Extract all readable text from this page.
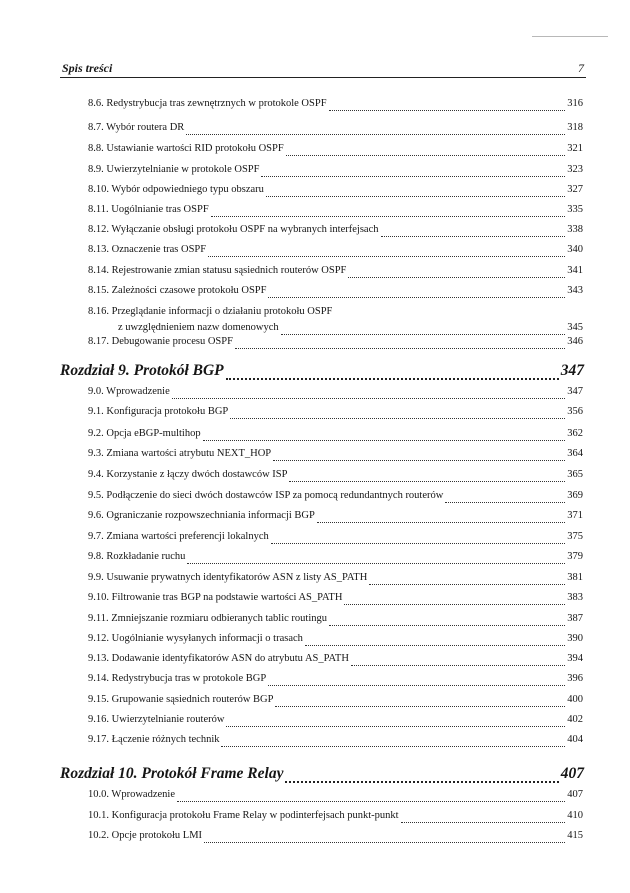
Spis treści	7
8.6. Redystrybucja tras zewnętrznych w protokole OSPF	316
8.7. Wybór routera DR	318
8.8. Ustawianie wartości RID protokołu OSPF	321
8.9. Uwierzytelnianie w protokole OSPF	323
8.10. Wybór odpowiedniego typu obszaru	327
8.11. Uogólnianie tras OSPF	335
8.12. Wyłączanie obsługi protokołu OSPF na wybranych interfejsach	338
8.13. Oznaczenie tras OSPF	340
8.14. Rejestrowanie zmian statusu sąsiednich routerów OSPF	341
8.15. Zależności czasowe protokołu OSPF	343
8.16. Przeglądanie informacji o działaniu protokołu OSPF
z uwzględnieniem nazw domenowych	345
8.17. Debugowanie procesu OSPF	346
Rozdział 9. Protokół BGP	347
9.0. Wprowadzenie	347
9.1. Konfiguracja protokołu BGP	356
9.2. Opcja eBGP-multihop	362
9.3. Zmiana wartości atrybutu NEXT_HOP	364
9.4. Korzystanie z łączy dwóch dostawców ISP	365
9.5. Podłączenie do sieci dwóch dostawców ISP za pomocą redundantnych routerów	369
9.6. Ograniczanie rozpowszechniania informacji BGP	371
9.7. Zmiana wartości preferencji lokalnych	375
9.8. Rozkładanie ruchu	379
9.9. Usuwanie prywatnych identyfikatorów ASN z listy AS_PATH	381
9.10. Filtrowanie tras BGP na podstawie wartości AS_PATH	383
9.11. Zmniejszanie rozmiaru odbieranych tablic routingu	387
9.12. Uogólnianie wysyłanych informacji o trasach	390
9.13. Dodawanie identyfikatorów ASN do atrybutu AS_PATH	394
9.14. Redystrybucja tras w protokole BGP	396
9.15. Grupowanie sąsiednich routerów BGP	400
9.16. Uwierzytelnianie routerów	402
9.17. Łączenie różnych technik	404
Rozdział 10. Protokół Frame Relay	407
10.0. Wprowadzenie	407
10.1. Konfiguracja protokołu Frame Relay w podinterfejsach punkt-punkt	410
10.2. Opcje protokołu LMI	415
